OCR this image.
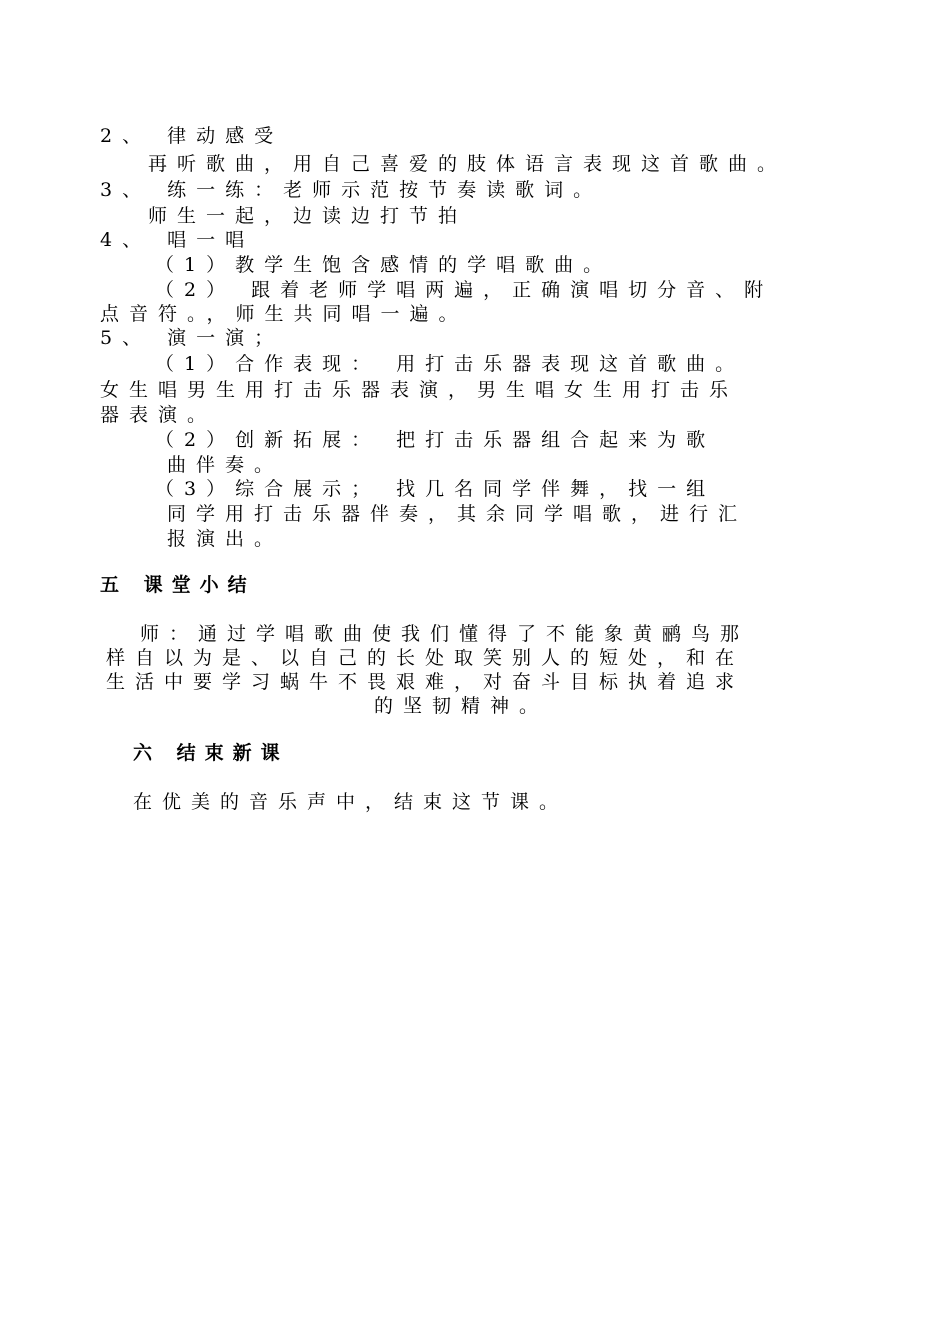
2、 律动感受
再听歌曲，用自己喜爱的肢体语言表现这首歌曲。
3、 练一练：老师示范按节奏读歌词。
师生一起，边读边打节拍
4、 唱一唱
（1）教学生饱含感情的学唱歌曲。
（2） 跟着老师学唱两遍，正确演唱切分音、附
点音符。，师生共同唱一遍。
5、 演一演；
（1）合作表现： 用打击乐器表现这首歌曲。
女生唱男生用打击乐器表演，男生唱女生用打击乐
器表演。
（2）创新拓展： 把打击乐器组合起来为歌
曲伴奏。
（3）综合展示； 找几名同学伴舞，找一组
同学用打击乐器伴奏，其余同学唱歌，进行汇
报演出。
五 课堂小结
师：通过学唱歌曲使我们懂得了不能象黄鹂鸟那
样自以为是、以自己的长处取笑别人的短处，和在
生活中要学习蜗牛不畏艰难，对奋斗目标执着追求
的坚韧精神。
六 结束新课
在优美的音乐声中，结束这节课。
